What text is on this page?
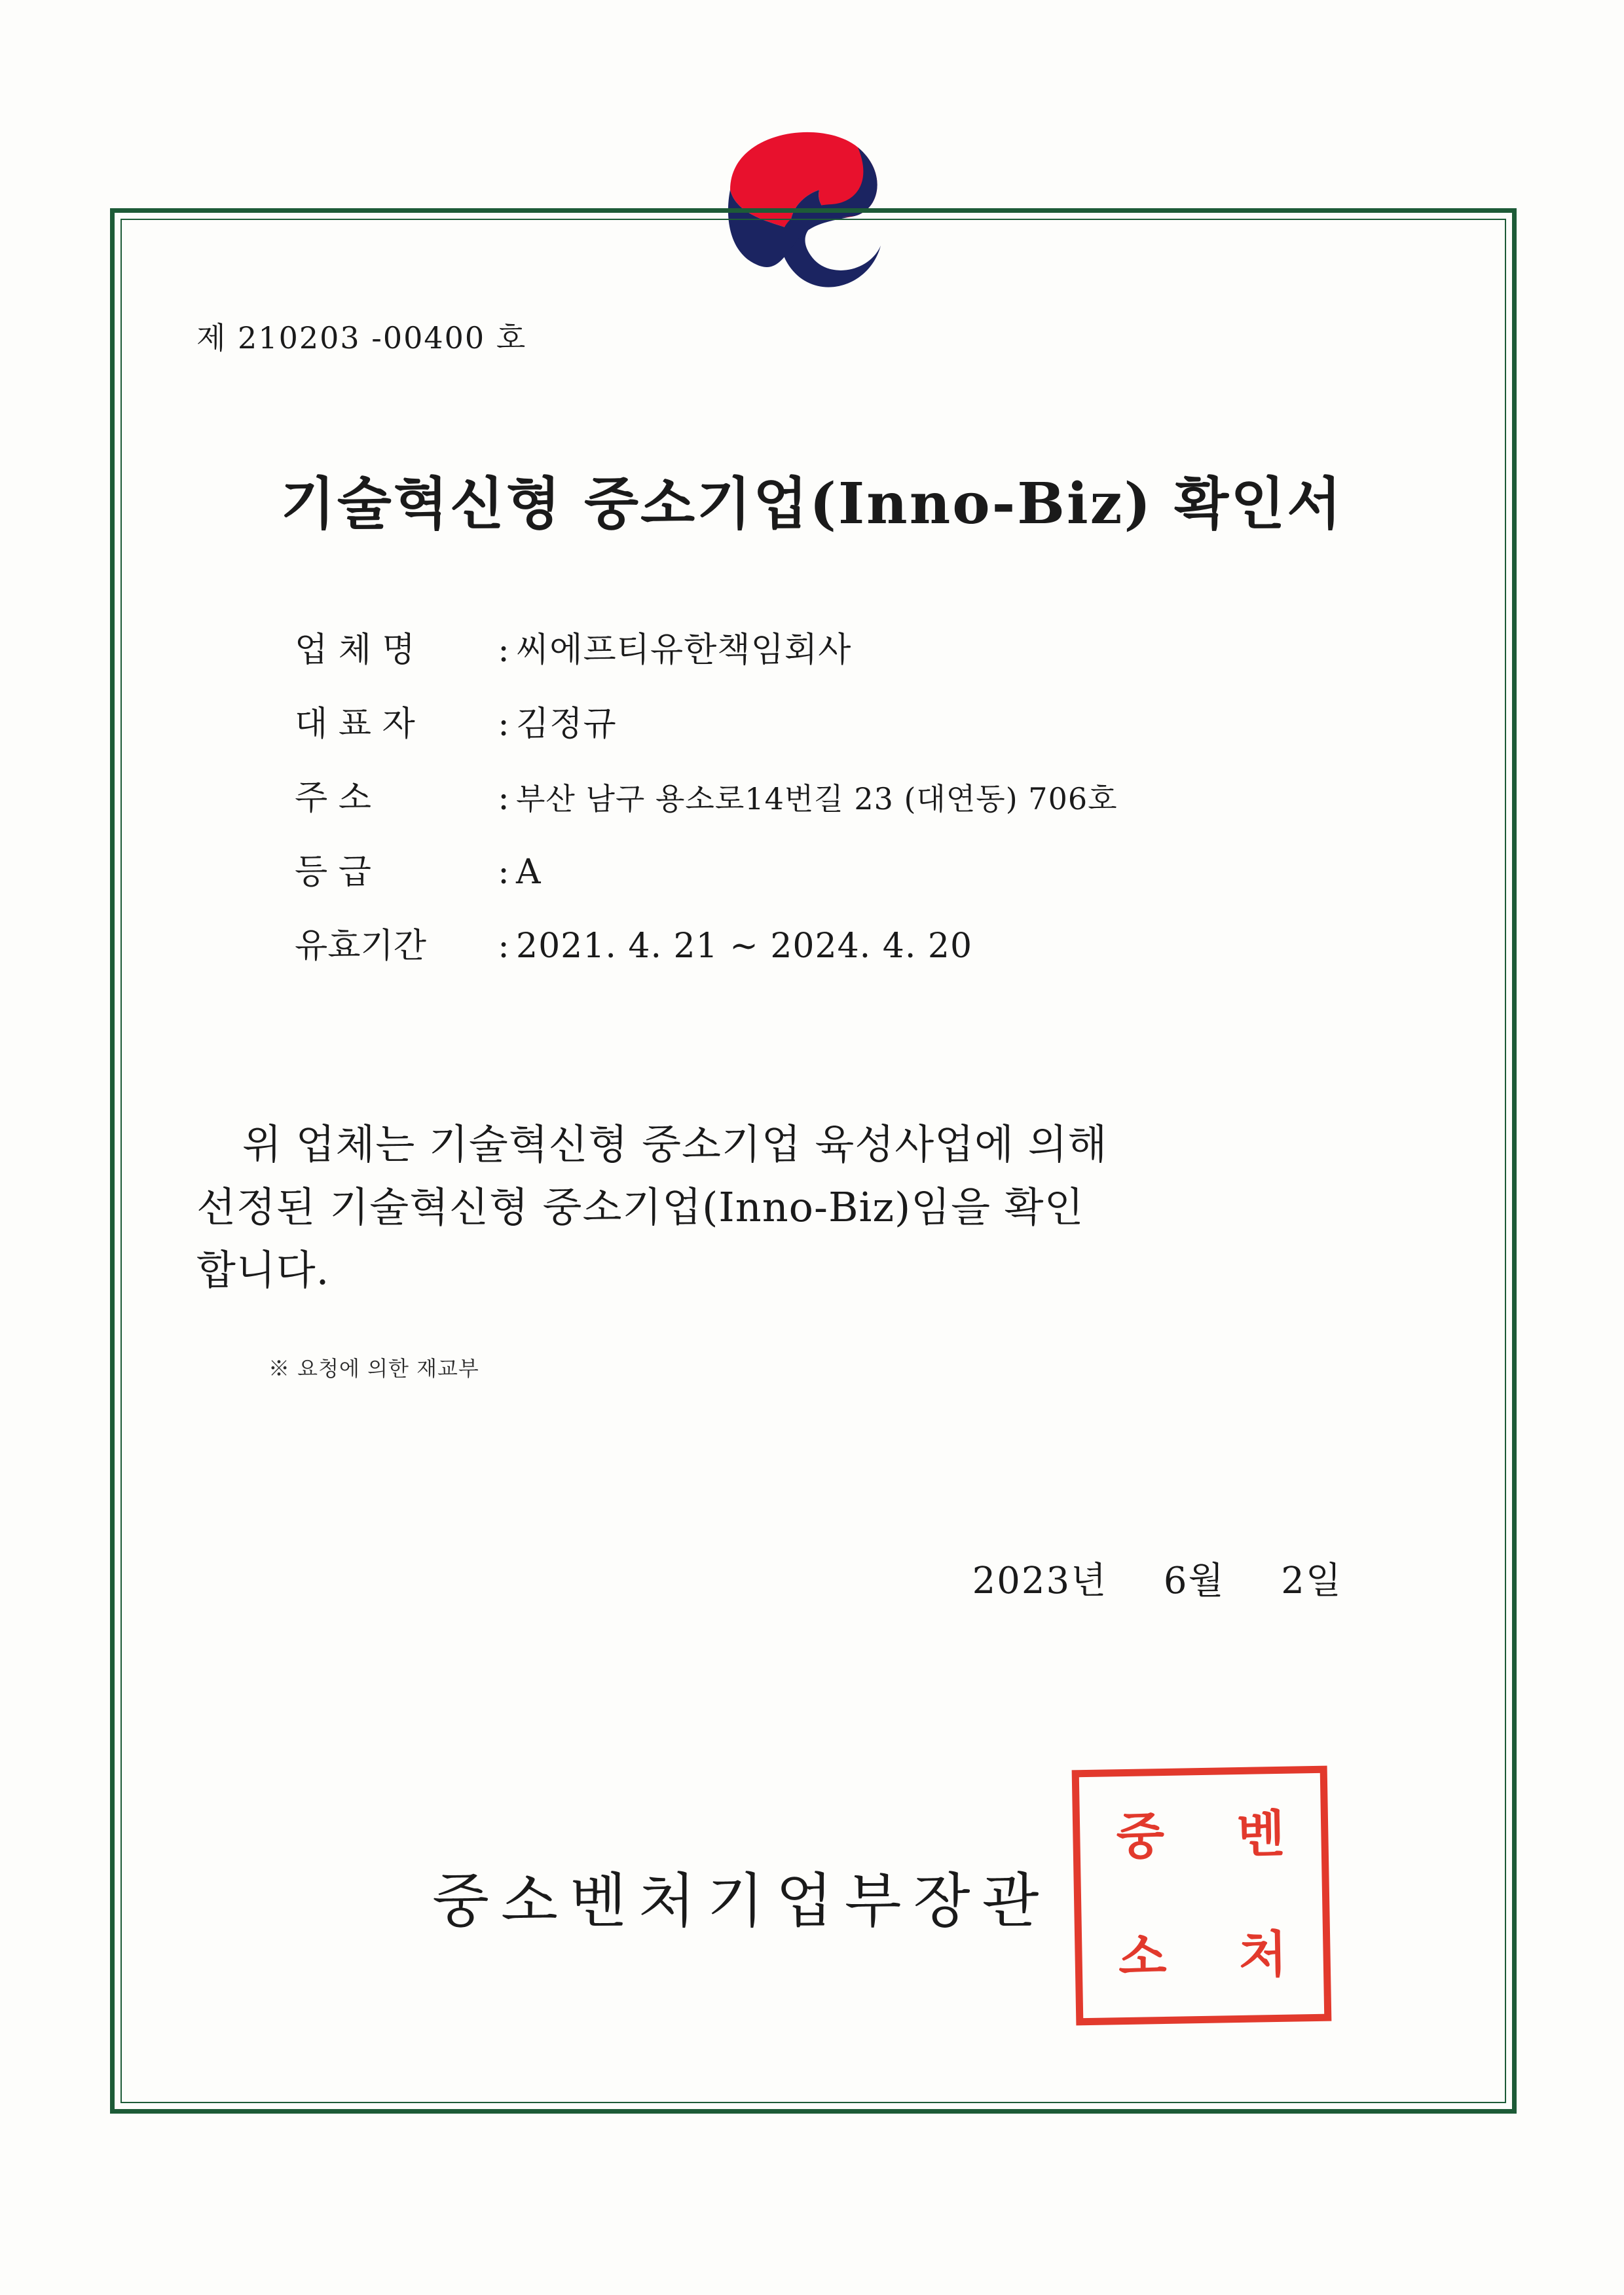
제 210203 -00400 호
기술혁신형 중소기업(Inno-Biz) 확인서
업 체 명	: 씨에프티유한책임회사
대 표 자	: 김정규
주 소	: 부산 남구 용소로14번길 23 (대연동) 706호
등 급	: A
유효기간	: 2021. 4. 21 ~ 2024. 4. 20
위 업체는 기술혁신형 중소기업 육성사업에 의해
선정된 기술혁신형 중소기업(Inno-Biz)임을 확인
합니다.
※ 요청에 의한 재교부
2023년 6월 2일
중소벤처기업부장관
중 벤
소 처
